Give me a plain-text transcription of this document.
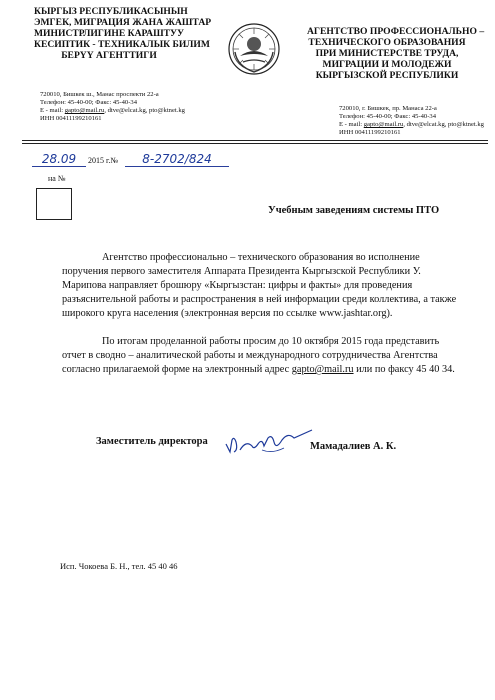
КЫРГЫЗ РЕСПУБЛИКАСЫНЫН
ЭМГЕК, МИГРАЦИЯ ЖАНА ЖАШТАР
МИНИСТРЛИГИНЕ КАРАШТУУ
КЕСИПТИК - ТЕХНИКАЛЫК БИЛИМ
БЕРҮҮ АГЕНТТИГИ
720010, Бишкек ш., Манас проспекти 22-а
Телефон: 45-40-00; Факс: 45-40-34
E - mail: gapto@mail.ru, dtve@elcat.kg, pto@ktnet.kg
ИНН 00411199210161
АГЕНТСТВО ПРОФЕССИОНАЛЬНО –
ТЕХНИЧЕСКОГО ОБРАЗОВАНИЯ
ПРИ МИНИСТЕРСТВЕ ТРУДА,
МИГРАЦИИ И МОЛОДЕЖИ
КЫРГЫЗСКОЙ РЕСПУБЛИКИ
720010, г. Бишкек, пр. Манаса 22-а
Телефон: 45-40-00; Факс: 45-40-34
E - mail: gapto@mail.ru, dtve@elcat.kg, pto@ktnet.kg
ИНН 00411199210161
28.09	2015 г.№	8-2702/824
на №
Учебным заведениям системы ПТО

Агентство профессионально – технического образования во исполнение поручения первого заместителя Аппарата Президента Кыргызской Республики У. Марипова направляет брошюру «Кыргызстан: цифры и факты» для проведения разъяснительной работы и распространения в ней информации среди коллектива, а также широкого круга населения (электронная версия по ссылке www.jashtar.org).

По итогам проделанной работы просим до 10 октября 2015 года представить отчет в сводно – аналитической работы и международного сотрудничества Агентства согласно прилагаемой форме на электронный адрес gapto@mail.ru или по факсу 45 40 34.

Заместитель директора	Мамадалиев А. К.
Исп. Чокоева Б. Н., тел. 45 40 46
